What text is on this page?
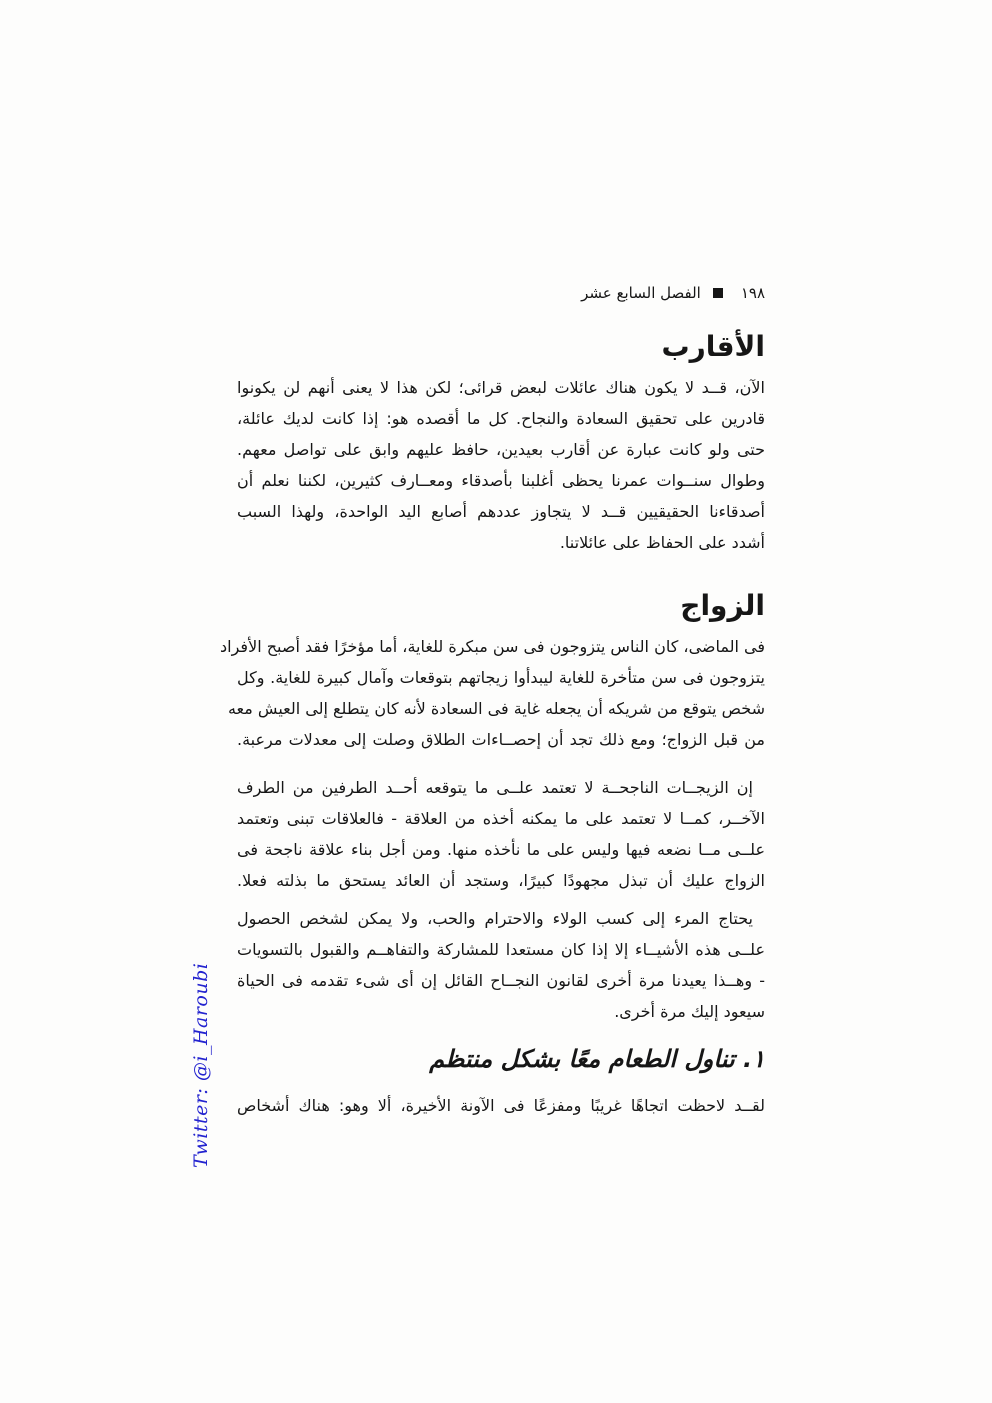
Twitter: @i_Haroubi
١٩٨
الفصل السابع عشر
الأقارب
الآن، قــد لا يكون هناك عائلات لبعض قرائى؛ لكن هذا لا يعنى أنهم لن يكونوا
قادرين على تحقيق السعادة والنجاح. كل ما أقصده هو: إذا كانت لديك عائلة،
حتى ولو كانت عبارة عن أقارب بعيدين، حافظ عليهم وابق على تواصل معهم.
وطوال سنــوات عمرنا يحظى أغلبنا بأصدقاء ومعــارف كثيرين، لكننا نعلم أن
أصدقاءنا الحقيقيين قــد لا يتجاوز عددهم أصابع اليد الواحدة، ولهذا السبب
أشدد على الحفاظ على عائلاتنا.
الزواج
فى الماضى، كان الناس يتزوجون فى سن مبكرة للغاية، أما مؤخرًا فقد أصبح الأفراد
يتزوجون فى سن متأخرة للغاية ليبدأوا زيجاتهم بتوقعات وآمال كبيرة للغاية. وكل
شخص يتوقع من شريكه أن يجعله غاية فى السعادة لأنه كان يتطلع إلى العيش معه
من قبل الزواج؛ ومع ذلك تجد أن إحصــاءات الطلاق وصلت إلى معدلات مرعبة.
إن الزيجــات الناجحــة لا تعتمد علــى ما يتوقعه أحــد الطرفين من الطرف
الآخــر، كمــا لا تعتمد على ما يمكنه أخذه من العلاقة - فالعلاقات تبنى وتعتمد
علــى مــا نضعه فيها وليس على ما نأخذه منها. ومن أجل بناء علاقة ناجحة فى
الزواج عليك أن تبذل مجهودًا كبيرًا، وستجد أن العائد يستحق ما بذلته فعلا.
يحتاج المرء إلى كسب الولاء والاحترام والحب، ولا يمكن لشخص الحصول
علــى هذه الأشيــاء إلا إذا كان مستعدا للمشاركة والتفاهــم والقبول بالتسويات
- وهــذا يعيدنا مرة أخرى لقانون النجــاح القائل إن أى شىء تقدمه فى الحياة
سيعود إليك مرة أخرى.
١. تناول الطعام معًا بشكل منتظم
لقــد لاحظت اتجاهًا غريبًا ومفزعًا فى الآونة الأخيرة، ألا وهو: هناك أشخاص
